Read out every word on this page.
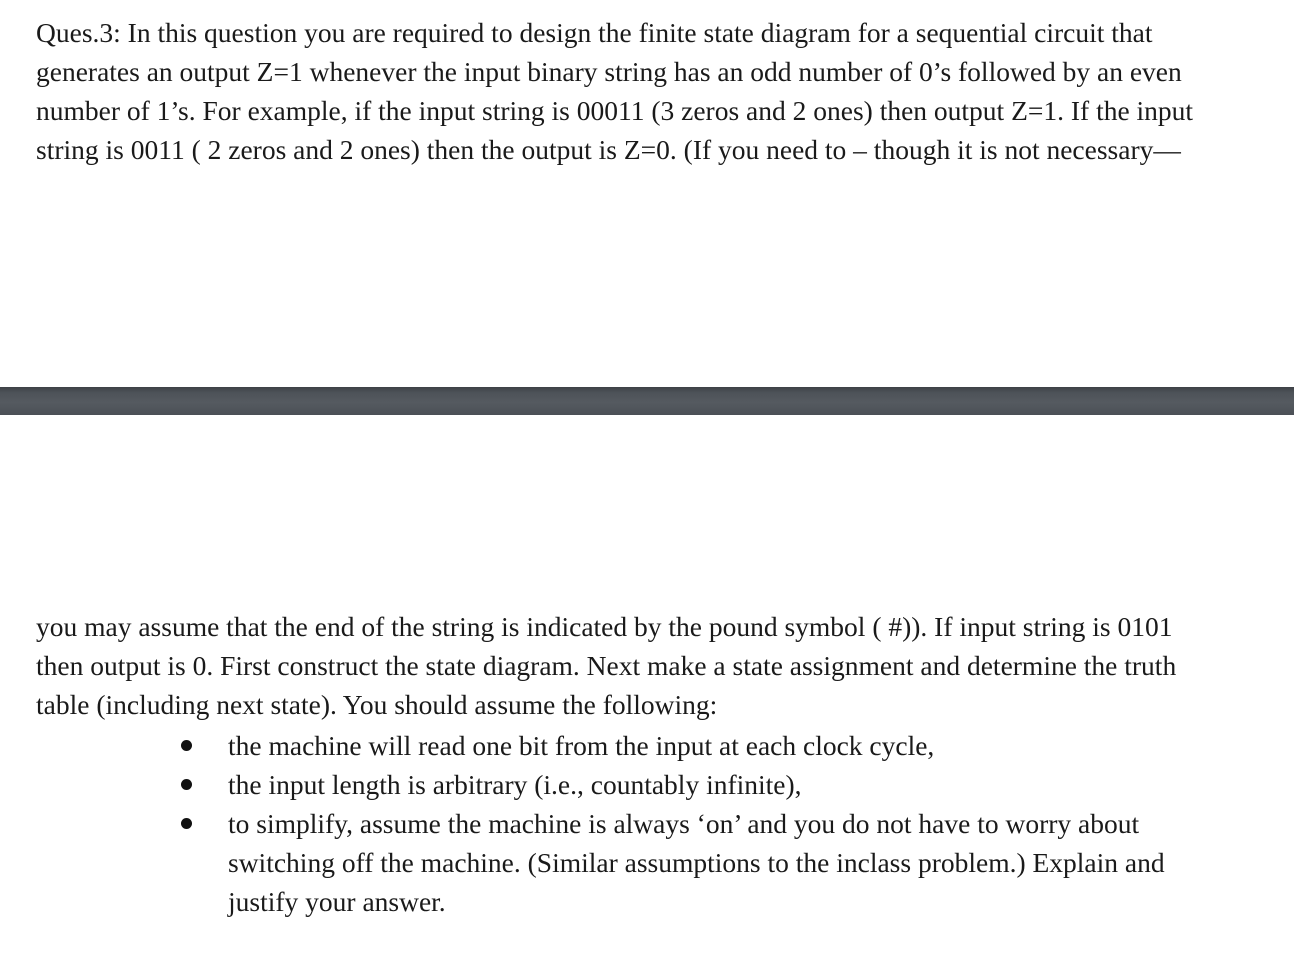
Ques.3: In this question you are required to design the finite state diagram for a sequential circuit that
generates an output Z=1 whenever the input binary string has an odd number of 0’s followed by an even
number of 1’s. For example, if the input string is 00011 (3 zeros and 2 ones) then output Z=1. If the input
string is 0011 ( 2 zeros and 2 ones) then the output is Z=0. (If you need to – though it is not necessary—

you may assume that the end of the string is indicated by the pound symbol ( #)). If input string is 0101
then output is 0. First construct the state diagram. Next make a state assignment and determine the truth
table (including next state). You should assume the following:

the machine will read one bit from the input at each clock cycle,
the input length is arbitrary (i.e., countably infinite),
to simplify, assume the machine is always ‘on’ and you do not have to worry about
switching off the machine. (Similar assumptions to the inclass problem.) Explain and
justify your answer.
